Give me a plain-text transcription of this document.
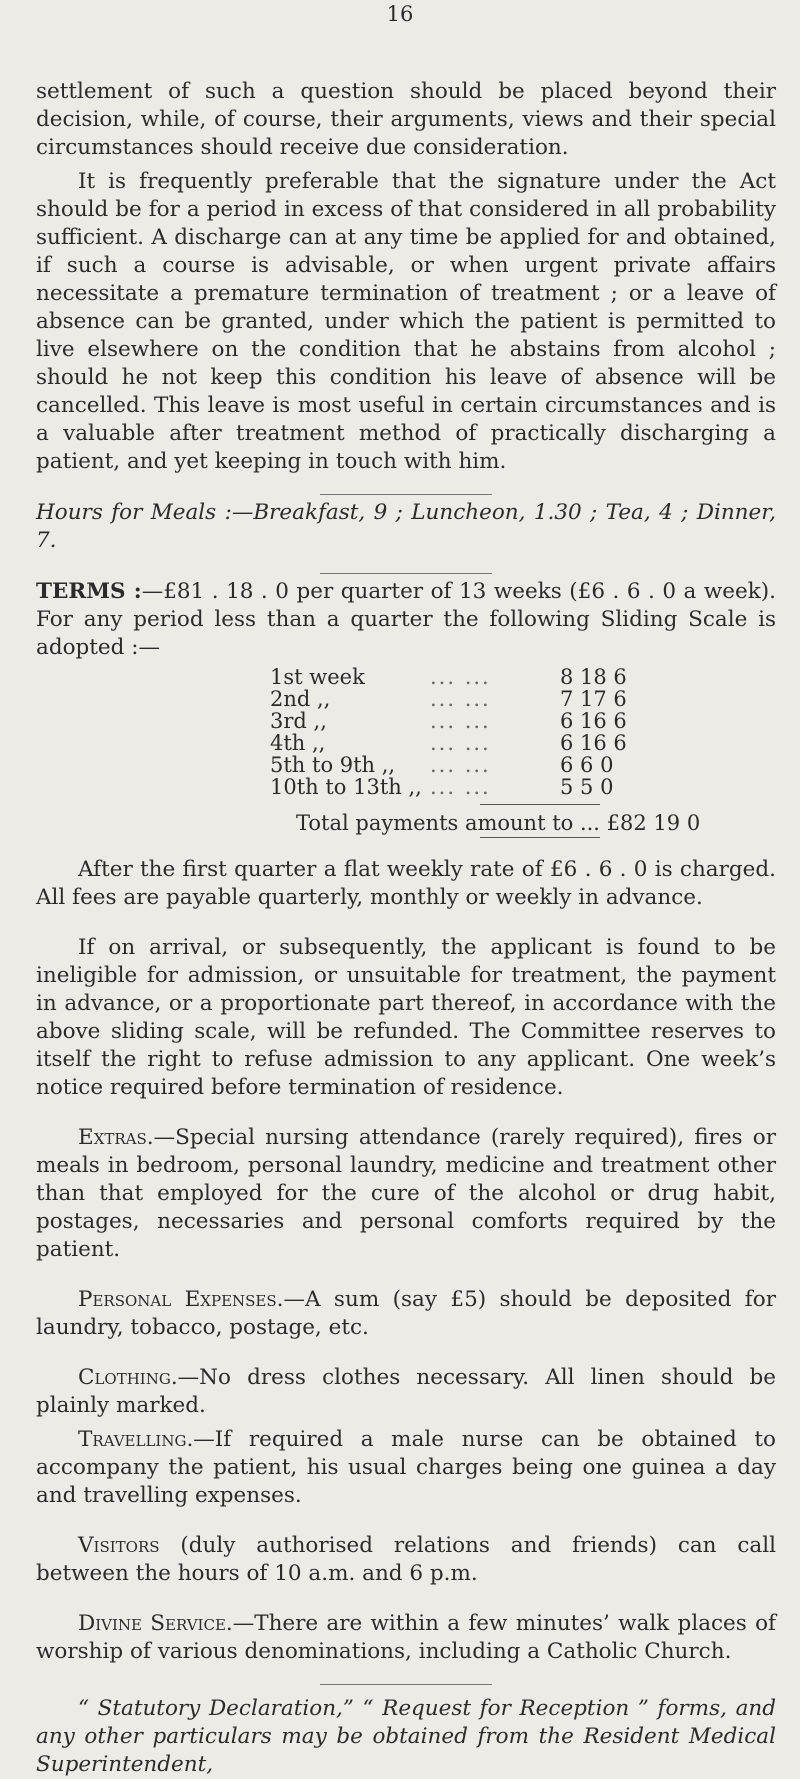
16

settlement of such a question should be placed beyond their decision, while, of course, their arguments, views and their special circumstances should receive due consideration.

It is frequently preferable that the signature under the Act should be for a period in excess of that considered in all probability sufficient. A discharge can at any time be applied for and obtained, if such a course is advisable, or when urgent private affairs necessitate a premature termination of treatment ; or a leave of absence can be granted, under which the patient is permitted to live elsewhere on the condition that he abstains from alcohol ; should he not keep this condition his leave of absence will be cancelled. This leave is most useful in certain circumstances and is a valuable after treatment method of practically discharging a patient, and yet keeping in touch with him.

Hours for Meals :—Breakfast, 9 ; Luncheon, 1.30 ; Tea, 4 ; Dinner, 7.

TERMS :—£81 . 18 . 0 per quarter of 13 weeks (£6 . 6 . 0 a week). For any period less than a quarter the following Sliding Scale is adopted :—

1st week	... ...	8 18 6
2nd ,,	... ...	7 17 6
3rd ,,	... ...	6 16 6
4th ,,	... ...	6 16 6
5th to 9th ,,	... ...	6 6 0
10th to 13th ,, ... ...	5 5 0
Total payments amount to ... £82 19 0

After the first quarter a flat weekly rate of £6 . 6 . 0 is charged. All fees are payable quarterly, monthly or weekly in advance.

If on arrival, or subsequently, the applicant is found to be ineligible for admission, or unsuitable for treatment, the payment in advance, or a proportionate part thereof, in accordance with the above sliding scale, will be refunded. The Committee reserves to itself the right to refuse admission to any applicant. One week’s notice required before termination of residence.

Extras.—Special nursing attendance (rarely required), fires or meals in bedroom, personal laundry, medicine and treatment other than that employed for the cure of the alcohol or drug habit, postages, necessaries and personal comforts required by the patient.

Personal Expenses.—A sum (say £5) should be deposited for laundry, tobacco, postage, etc.

Clothing.—No dress clothes necessary. All linen should be plainly marked.

Travelling.—If required a male nurse can be obtained to accompany the patient, his usual charges being one guinea a day and travelling expenses.

Visitors (duly authorised relations and friends) can call between the hours of 10 a.m. and 6 p.m.

Divine Service.—There are within a few minutes’ walk places of worship of various denominations, including a Catholic Church.

“ Statutory Declaration,” “ Request for Reception ” forms, and any other particulars may be obtained from the Resident Medical Superintendent,
